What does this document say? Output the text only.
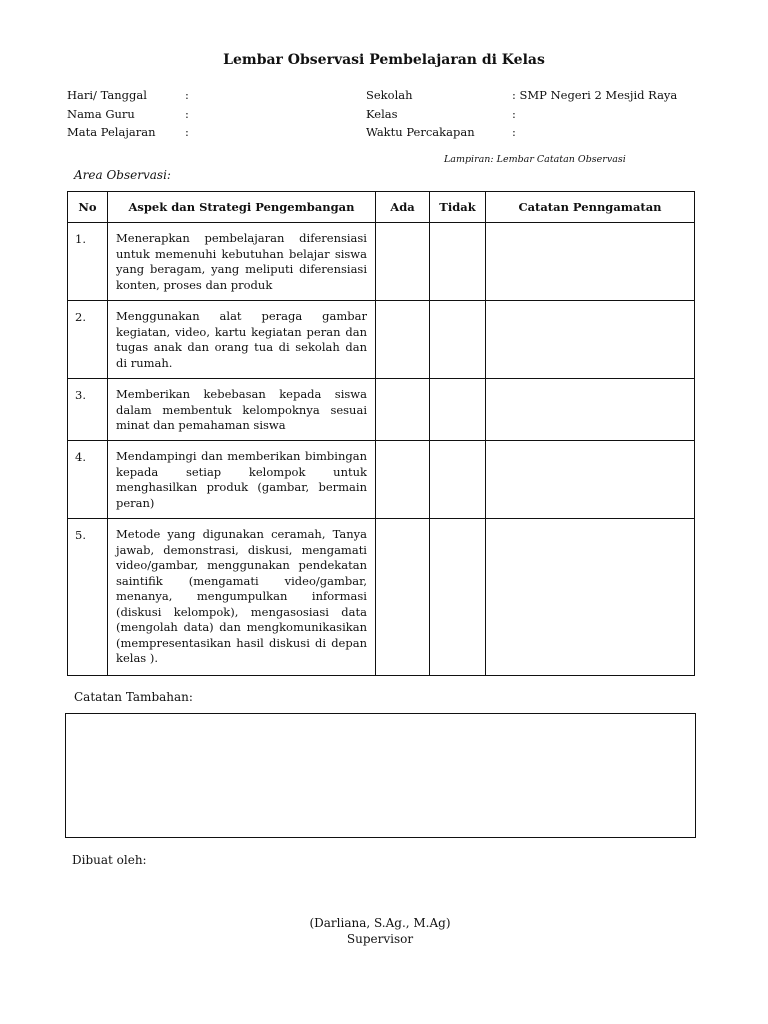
Lembar Observasi Pembelajaran di Kelas
Hari/ Tanggal	:
Nama Guru	:
Mata Pelajaran	:
Sekolah	: SMP Negeri 2 Mesjid Raya
Kelas	:
Waktu Percakapan	:
Lampiran: Lembar Catatan Observasi
Area Observasi:
No	Aspek dan Strategi Pengembangan	Ada	Tidak	Catatan Penngamatan
1.	Menerapkan pembelajaran diferensiasi untuk memenuhi kebutuhan belajar siswa yang beragam, yang meliputi diferensiasi konten, proses dan produk			
2.	Menggunakan alat peraga gambar kegiatan, video, kartu kegiatan peran dan tugas anak dan orang tua di sekolah dan di rumah.			
3.	Memberikan kebebasan kepada siswa dalam membentuk kelompoknya sesuai minat dan pemahaman siswa			
4.	Mendampingi dan memberikan bimbingan kepada setiap kelompok untuk menghasilkan produk (gambar, bermain peran)			
5.	Metode yang digunakan ceramah, Tanya jawab, demonstrasi, diskusi, mengamati video/gambar, menggunakan pendekatan saintifik (mengamati video/gambar, menanya, mengumpulkan informasi (diskusi kelompok), mengasosiasi data (mengolah data) dan mengkomunikasikan (mempresentasikan hasil diskusi di depan kelas ).			
Catatan Tambahan:
Dibuat oleh:
(Darliana, S.Ag., M.Ag)
Supervisor
